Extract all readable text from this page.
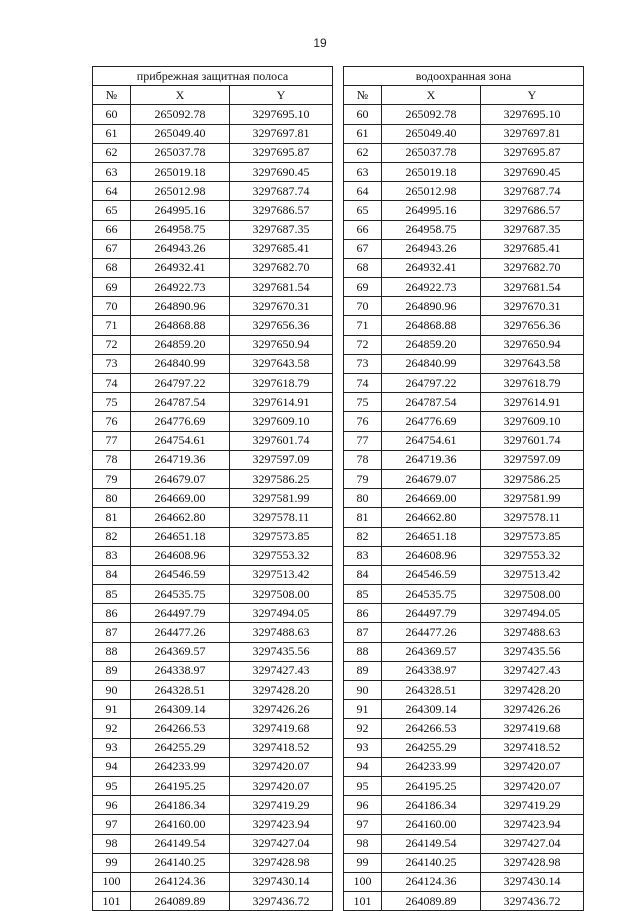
19
прибрежная защитная полоса		
№	X	Y
60	265092.78	3297695.10
61	265049.40	3297697.81
62	265037.78	3297695.87
63	265019.18	3297690.45
64	265012.98	3297687.74
65	264995.16	3297686.57
66	264958.75	3297687.35
67	264943.26	3297685.41
68	264932.41	3297682.70
69	264922.73	3297681.54
70	264890.96	3297670.31
71	264868.88	3297656.36
72	264859.20	3297650.94
73	264840.99	3297643.58
74	264797.22	3297618.79
75	264787.54	3297614.91
76	264776.69	3297609.10
77	264754.61	3297601.74
78	264719.36	3297597.09
79	264679.07	3297586.25
80	264669.00	3297581.99
81	264662.80	3297578.11
82	264651.18	3297573.85
83	264608.96	3297553.32
84	264546.59	3297513.42
85	264535.75	3297508.00
86	264497.79	3297494.05
87	264477.26	3297488.63
88	264369.57	3297435.56
89	264338.97	3297427.43
90	264328.51	3297428.20
91	264309.14	3297426.26
92	264266.53	3297419.68
93	264255.29	3297418.52
94	264233.99	3297420.07
95	264195.25	3297420.07
96	264186.34	3297419.29
97	264160.00	3297423.94
98	264149.54	3297427.04
99	264140.25	3297428.98
100	264124.36	3297430.14
101	264089.89	3297436.72
водоохранная зона		
№	X	Y
60	265092.78	3297695.10
61	265049.40	3297697.81
62	265037.78	3297695.87
63	265019.18	3297690.45
64	265012.98	3297687.74
65	264995.16	3297686.57
66	264958.75	3297687.35
67	264943.26	3297685.41
68	264932.41	3297682.70
69	264922.73	3297681.54
70	264890.96	3297670.31
71	264868.88	3297656.36
72	264859.20	3297650.94
73	264840.99	3297643.58
74	264797.22	3297618.79
75	264787.54	3297614.91
76	264776.69	3297609.10
77	264754.61	3297601.74
78	264719.36	3297597.09
79	264679.07	3297586.25
80	264669.00	3297581.99
81	264662.80	3297578.11
82	264651.18	3297573.85
83	264608.96	3297553.32
84	264546.59	3297513.42
85	264535.75	3297508.00
86	264497.79	3297494.05
87	264477.26	3297488.63
88	264369.57	3297435.56
89	264338.97	3297427.43
90	264328.51	3297428.20
91	264309.14	3297426.26
92	264266.53	3297419.68
93	264255.29	3297418.52
94	264233.99	3297420.07
95	264195.25	3297420.07
96	264186.34	3297419.29
97	264160.00	3297423.94
98	264149.54	3297427.04
99	264140.25	3297428.98
100	264124.36	3297430.14
101	264089.89	3297436.72
